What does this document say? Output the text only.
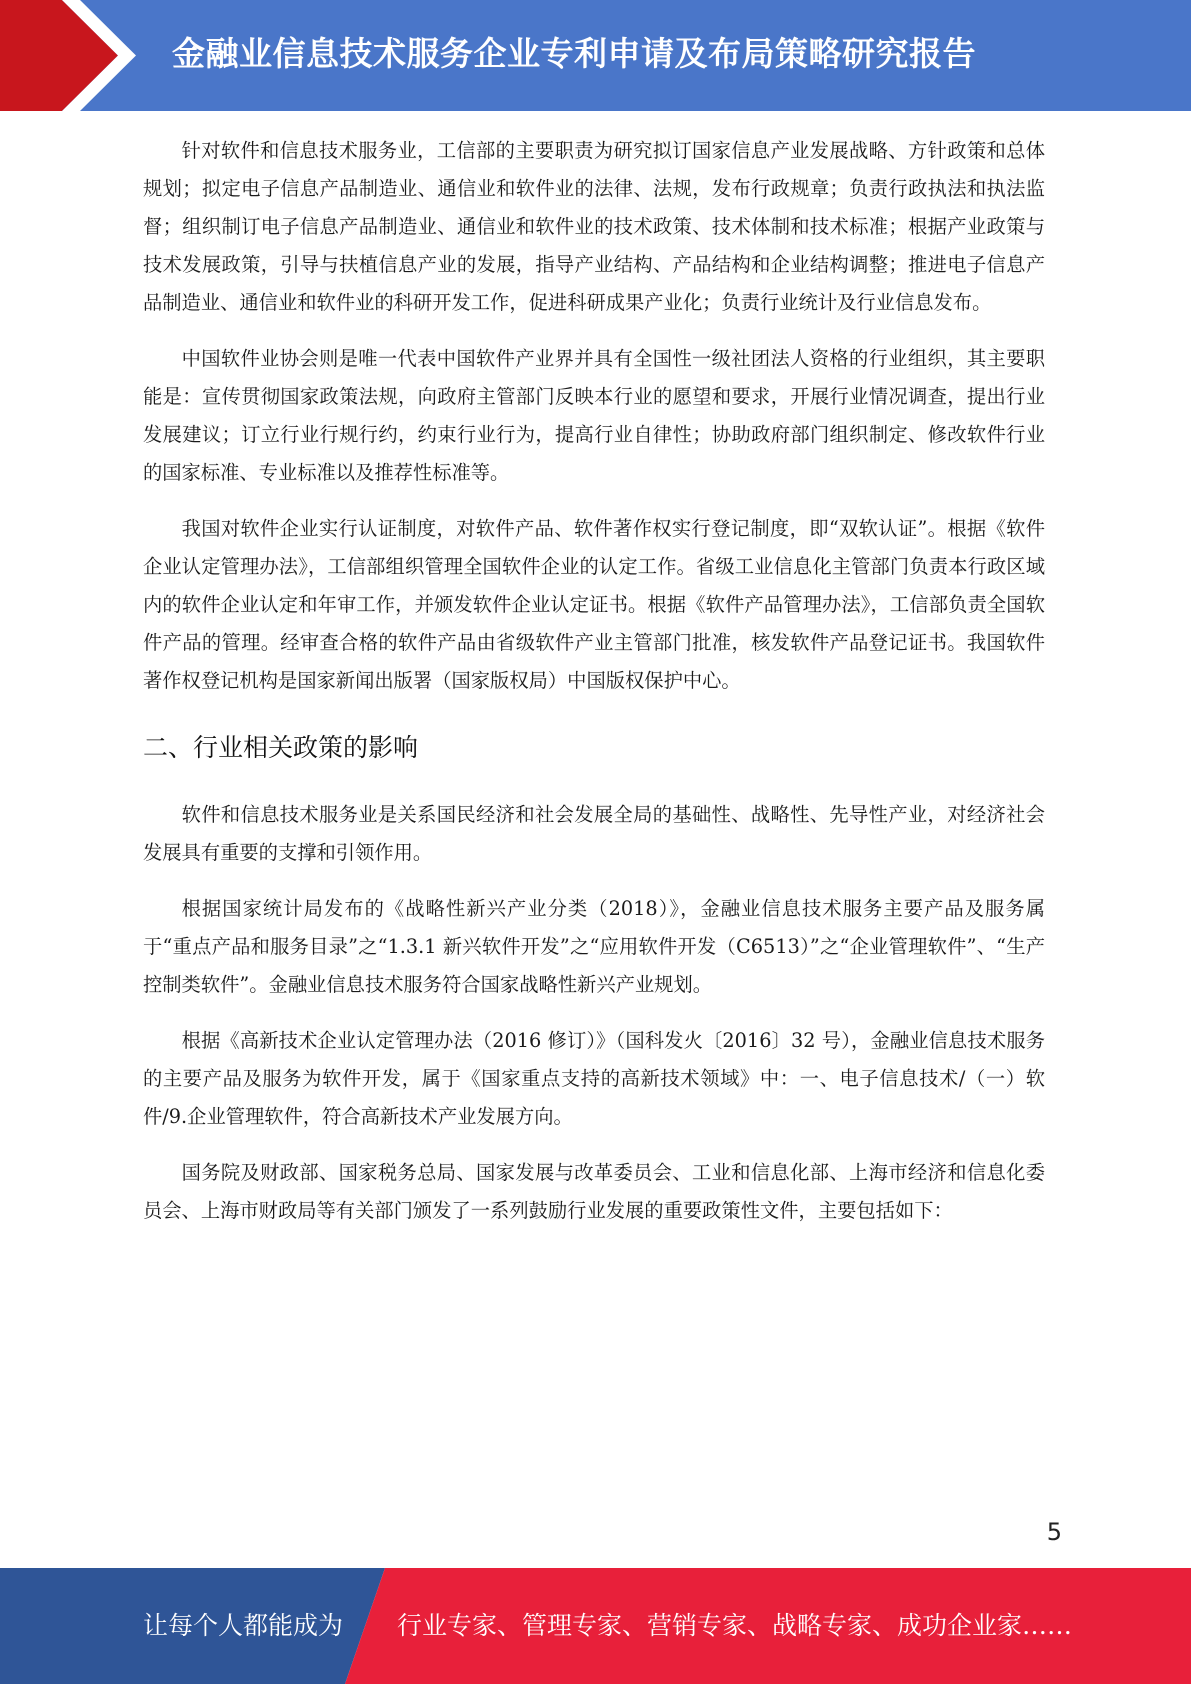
金融业信息技术服务企业专利申请及布局策略研究报告

针对软件和信息技术服务业，工信部的主要职责为研究拟订国家信息产业发展战略、方针政策和总体规划；拟定电子信息产品制造业、通信业和软件业的法律、法规，发布行政规章；负责行政执法和执法监督；组织制订电子信息产品制造业、通信业和软件业的技术政策、技术体制和技术标准；根据产业政策与技术发展政策，引导与扶植信息产业的发展，指导产业结构、产品结构和企业结构调整；推进电子信息产品制造业、通信业和软件业的科研开发工作，促进科研成果产业化；负责行业统计及行业信息发布。

中国软件业协会则是唯一代表中国软件产业界并具有全国性一级社团法人资格的行业组织，其主要职能是：宣传贯彻国家政策法规，向政府主管部门反映本行业的愿望和要求，开展行业情况调查，提出行业发展建议；订立行业行规行约，约束行业行为，提高行业自律性；协助政府部门组织制定、修改软件行业的国家标准、专业标准以及推荐性标准等。

我国对软件企业实行认证制度，对软件产品、软件著作权实行登记制度，即“双软认证”。根据《软件企业认定管理办法》，工信部组织管理全国软件企业的认定工作。省级工业信息化主管部门负责本行政区域内的软件企业认定和年审工作，并颁发软件企业认定证书。根据《软件产品管理办法》，工信部负责全国软件产品的管理。经审查合格的软件产品由省级软件产业主管部门批准，核发软件产品登记证书。我国软件著作权登记机构是国家新闻出版署（国家版权局）中国版权保护中心。

二、行业相关政策的影响

软件和信息技术服务业是关系国民经济和社会发展全局的基础性、战略性、先导性产业，对经济社会发展具有重要的支撑和引领作用。

根据国家统计局发布的《战略性新兴产业分类（2018）》，金融业信息技术服务主要产品及服务属于“重点产品和服务目录”之“1.3.1 新兴软件开发”之“应用软件开发（C6513）”之“企业管理软件”、“生产控制类软件”。金融业信息技术服务符合国家战略性新兴产业规划。

根据《高新技术企业认定管理办法（2016 修订）》（国科发火〔2016〕32 号），金融业信息技术服务的主要产品及服务为软件开发，属于《国家重点支持的高新技术领域》中：一、电子信息技术/（一）软件/9.企业管理软件，符合高新技术产业发展方向。

国务院及财政部、国家税务总局、国家发展与改革委员会、工业和信息化部、上海市经济和信息化委员会、上海市财政局等有关部门颁发了一系列鼓励行业发展的重要政策性文件，主要包括如下：

5
让每个人都能成为 行业专家、管理专家、营销专家、战略专家、成功企业家……
